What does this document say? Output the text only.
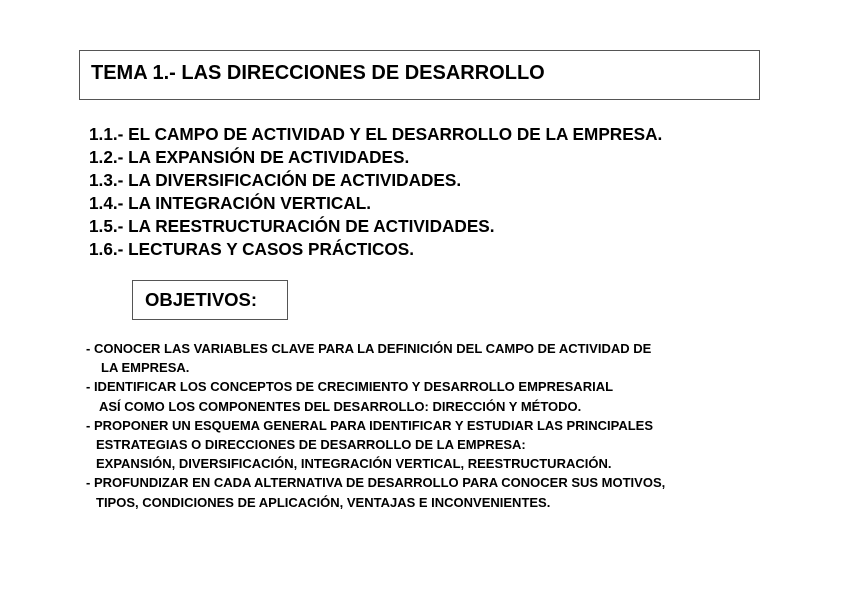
TEMA 1.- LAS DIRECCIONES DE DESARROLLO
1.1.- EL CAMPO DE ACTIVIDAD Y EL DESARROLLO DE LA EMPRESA.
1.2.- LA EXPANSIÓN DE ACTIVIDADES.
1.3.- LA DIVERSIFICACIÓN DE ACTIVIDADES.
1.4.- LA INTEGRACIÓN VERTICAL.
1.5.- LA REESTRUCTURACIÓN DE ACTIVIDADES.
1.6.- LECTURAS Y CASOS PRÁCTICOS.
OBJETIVOS:
- CONOCER LAS VARIABLES CLAVE PARA LA DEFINICIÓN DEL CAMPO DE ACTIVIDAD DE
LA EMPRESA.
- IDENTIFICAR LOS CONCEPTOS DE CRECIMIENTO Y DESARROLLO EMPRESARIAL
ASÍ COMO LOS COMPONENTES DEL DESARROLLO: DIRECCIÓN Y MÉTODO.
- PROPONER UN ESQUEMA GENERAL PARA IDENTIFICAR Y ESTUDIAR LAS PRINCIPALES
ESTRATEGIAS O DIRECCIONES DE DESARROLLO DE LA EMPRESA:
EXPANSIÓN, DIVERSIFICACIÓN, INTEGRACIÓN VERTICAL, REESTRUCTURACIÓN.
- PROFUNDIZAR EN CADA ALTERNATIVA DE DESARROLLO PARA CONOCER SUS MOTIVOS,
TIPOS, CONDICIONES DE APLICACIÓN, VENTAJAS E INCONVENIENTES.
